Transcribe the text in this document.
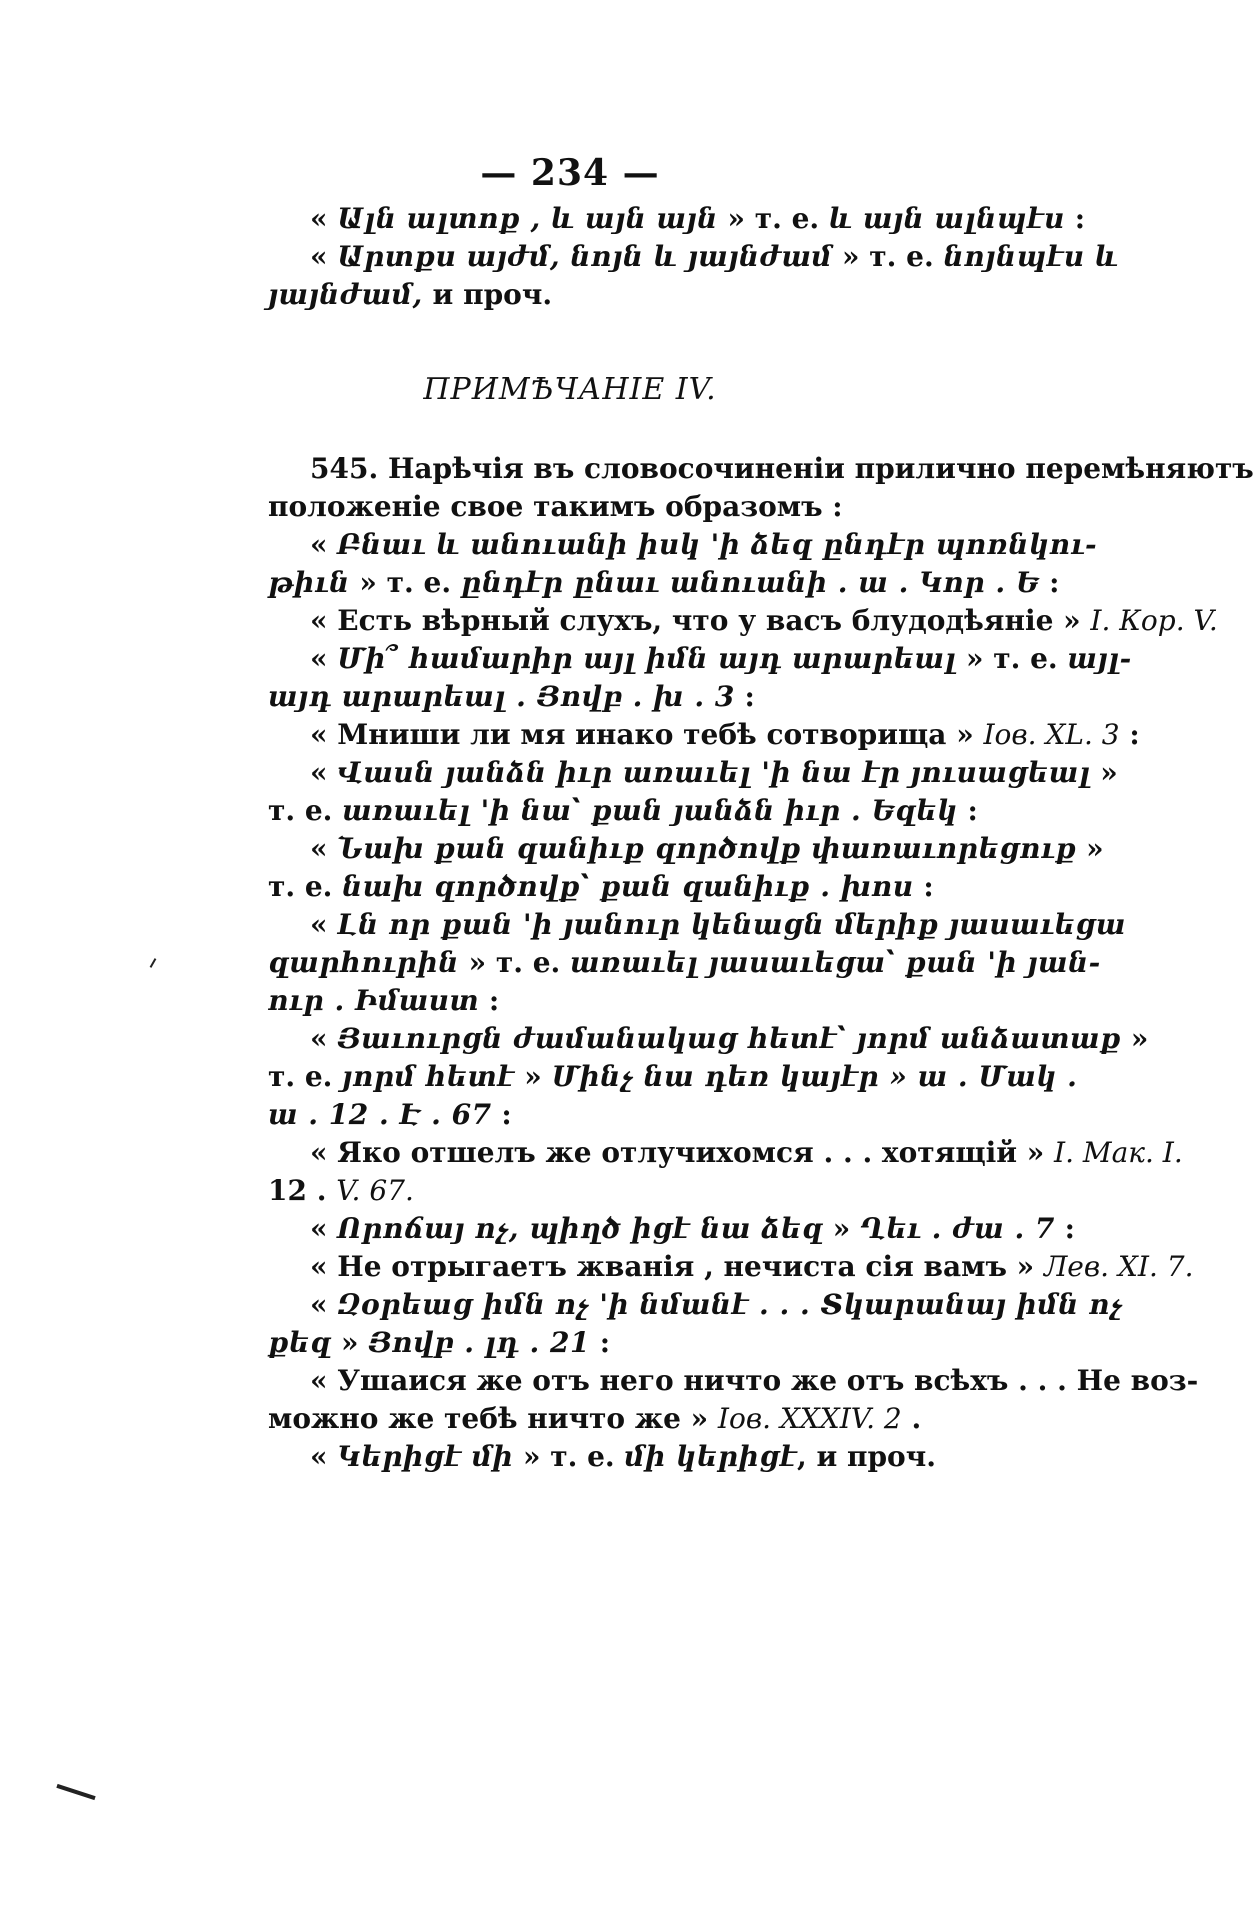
— 234 —
« Ալն ալտոք , և այն այն » т. е. և այն ալնպէս :
« Արտքս այժմ, նոյն և յայնժամ » т. е. նոյնպէս և
յայնժամ, и проч.
ПРИМѢЧАНІЕ IV.
545. Нарѣчія въ словосочиненіи прилично перемѣняютъ
положеніе свое такимъ образомъ :
« Բնաւ և անուանի իսկ 'ի ձեզ ընդէր պոռնկու-
թիւն » т. е. ընդէր ընաւ անուանի . ա . Կոր . Ե :
« Есть вѣрный слухъ, что у васъ блудодѣяніе » I. Кор. V.
« Մի՞ համարիր այլ իմն այդ արարեալ » т. е. այլ-
այդ արարեալ . Յովբ . խ . 3 :
« Мниши ли мя инако тебѣ сотворища » Іов. XL. 3 :
« Վասն յանձն իւր առաւել 'ի նա էր յուսացեալ »
т. е. առաւել 'ի նա՝ քան յանձն իւր . Եզեկ :
« Նախ քան զանիւք զործովք փառաւորեցուք »
т. е. նախ զործովք՝ քան զանիւք . խոս :
« Լն որ քան 'ի յանուր կենացն մերիք յասաւեցա
զարհուրին » т. е. առաւել յասաւեցա՝ քան 'ի յան-
ուր . Իմաստ :
« Յաւուրցն ժամանակաց հետէ՝ յորմ անձատաք »
т. е. յորմ հետէ » Մինչ նա դեռ կայէր » ա . Մակ .
ա . 12 . Է . 67 :
« Яко отшелъ же отлучихомся . . . хотящій » I. Мак. I.
12 . V. 67.
« Որոճայ ոչ, պիղծ իցէ նա ձեզ » Ղեւ . ժա . 7 :
« Не отрыгаетъ жванія , нечиста сія вамъ » Лев. XI. 7.
« Զօրեաց իմն ոչ 'ի նմանէ . . . Տկարանայ իմն ոչ
քեզ » Յովբ . լդ . 21 :
« Ушаися же отъ него ничто же отъ всѣхъ . . . Не воз-
можно же тебѣ ничто же » Іов. XXXIV. 2 .
« Կերիցէ մի » т. е. մի կերիցէ, и проч.
